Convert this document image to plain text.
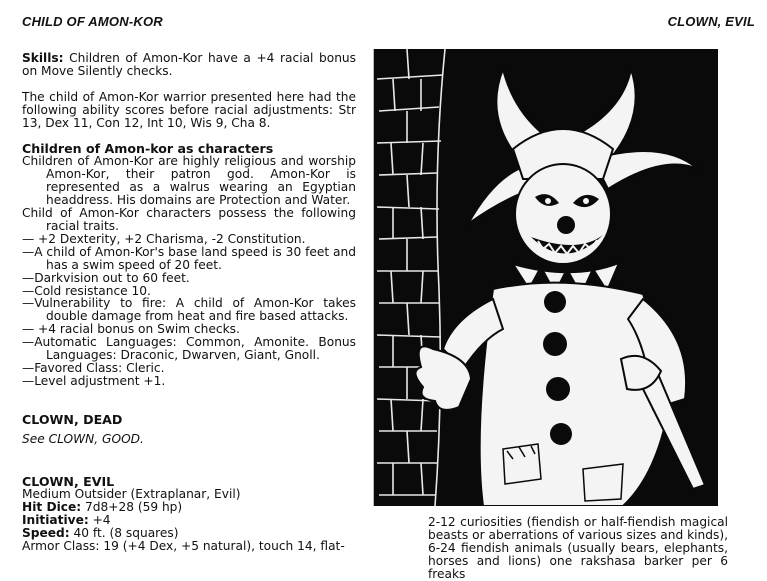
CHILD OF AMON-KOR	CLOWN, EVIL

Skills: Children of Amon-Kor have a +4 racial bonus on Move Silently checks.

The child of Amon-Kor warrior presented here had the following ability scores before racial adjustments: Str 13, Dex 11, Con 12, Int 10, Wis 9, Cha 8.

Children of Amon-kor as characters

Children of Amon-Kor are highly religious and worship Amon-Kor, their patron god. Amon-Kor is represented as a walrus wearing an Egyptian headdress. His domains are Protection and Water.

Child of Amon-Kor characters possess the following racial traits.

— +2 Dexterity, +2 Charisma, -2 Constitution.

—A child of Amon-Kor's base land speed is 30 feet and has a swim speed of 20 feet.

—Darkvision out to 60 feet.

—Cold resistance 10.

—Vulnerability to fire: A child of Amon-Kor takes double damage from heat and fire based attacks.

— +4 racial bonus on Swim checks.

—Automatic Languages: Common, Amonite. Bonus Languages: Draconic, Dwarven, Giant, Gnoll.

—Favored Class: Cleric.

—Level adjustment +1.

CLOWN, DEAD

See CLOWN, GOOD.

CLOWN, EVIL

Medium Outsider (Extraplanar, Evil)

Hit Dice: 7d8+28 (59 hp)

Initiative: +4

Speed: 40 ft. (8 squares)

Armor Class: 19 (+4 Dex, +5 natural), touch 14, flat-

2-12 curiosities (fiendish or half-fiendish magical beasts or aberrations of various sizes and kinds), 6-24 fiendish animals (usually bears, elephants, horses and lions) one rakshasa barker per 6 freaks
